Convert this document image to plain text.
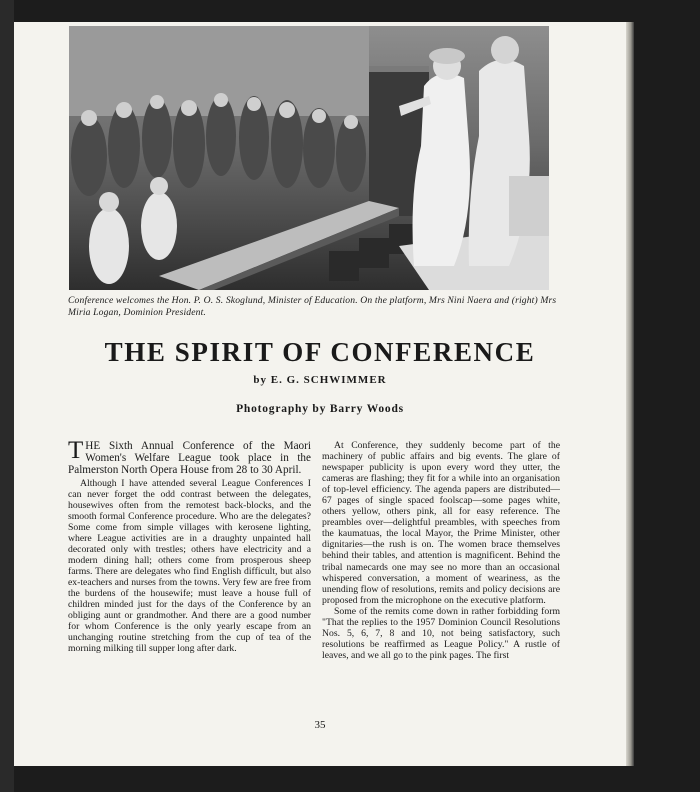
Conference welcomes the Hon. P. O. S. Skoglund, Minister of Education. On the platform, Mrs Nini Naera and (right) Mrs Miria Logan, Dominion President.
THE SPIRIT OF CONFERENCE
by E. G. SCHWIMMER
Photography by Barry Woods

THE Sixth Annual Conference of the Maori Women's Welfare League took place in the Palmerston North Opera House from 28 to 30 April.

Although I have attended several League Conferences I can never forget the odd contrast between the delegates, housewives often from the remotest back-blocks, and the smooth formal Conference procedure. Who are the delegates? Some come from simple villages with kerosene lighting, where League activities are in a draughty unpainted hall decorated only with trestles; others have electricity and a modern dining hall; others come from prosperous sheep farms. There are delegates who find English difficult, but also ex-teachers and nurses from the towns. Very few are free from the burdens of the housewife; must leave a house full of children minded just for the days of the Conference by an obliging aunt or grandmother. And there are a good number for whom Conference is the only yearly escape from an unchanging routine stretching from the cup of tea of the morning milking till supper long after dark.

At Conference, they suddenly become part of the machinery of public affairs and big events. The glare of newspaper publicity is upon every word they utter, the cameras are flashing; they fit for a while into an organisation of top-level efficiency. The agenda papers are distributed—67 pages of single spaced foolscap—some pages white, others yellow, others pink, all for easy reference. The preambles over—delightful preambles, with speeches from the kaumatuas, the local Mayor, the Prime Minister, other dignitaries—the rush is on. The women brace themselves behind their tables, and attention is magnificent. Behind the tribal namecards one may see no more than an occasional whispered conversation, a moment of weariness, as the unending flow of resolutions, remits and policy decisions are proposed from the microphone on the executive platform.

Some of the remits come down in rather forbidding form "That the replies to the 1957 Dominion Council Resolutions Nos. 5, 6, 7, 8 and 10, not being satisfactory, such resolutions be reaffirmed as League Policy." A rustle of leaves, and we all go to the pink pages. The first

35
